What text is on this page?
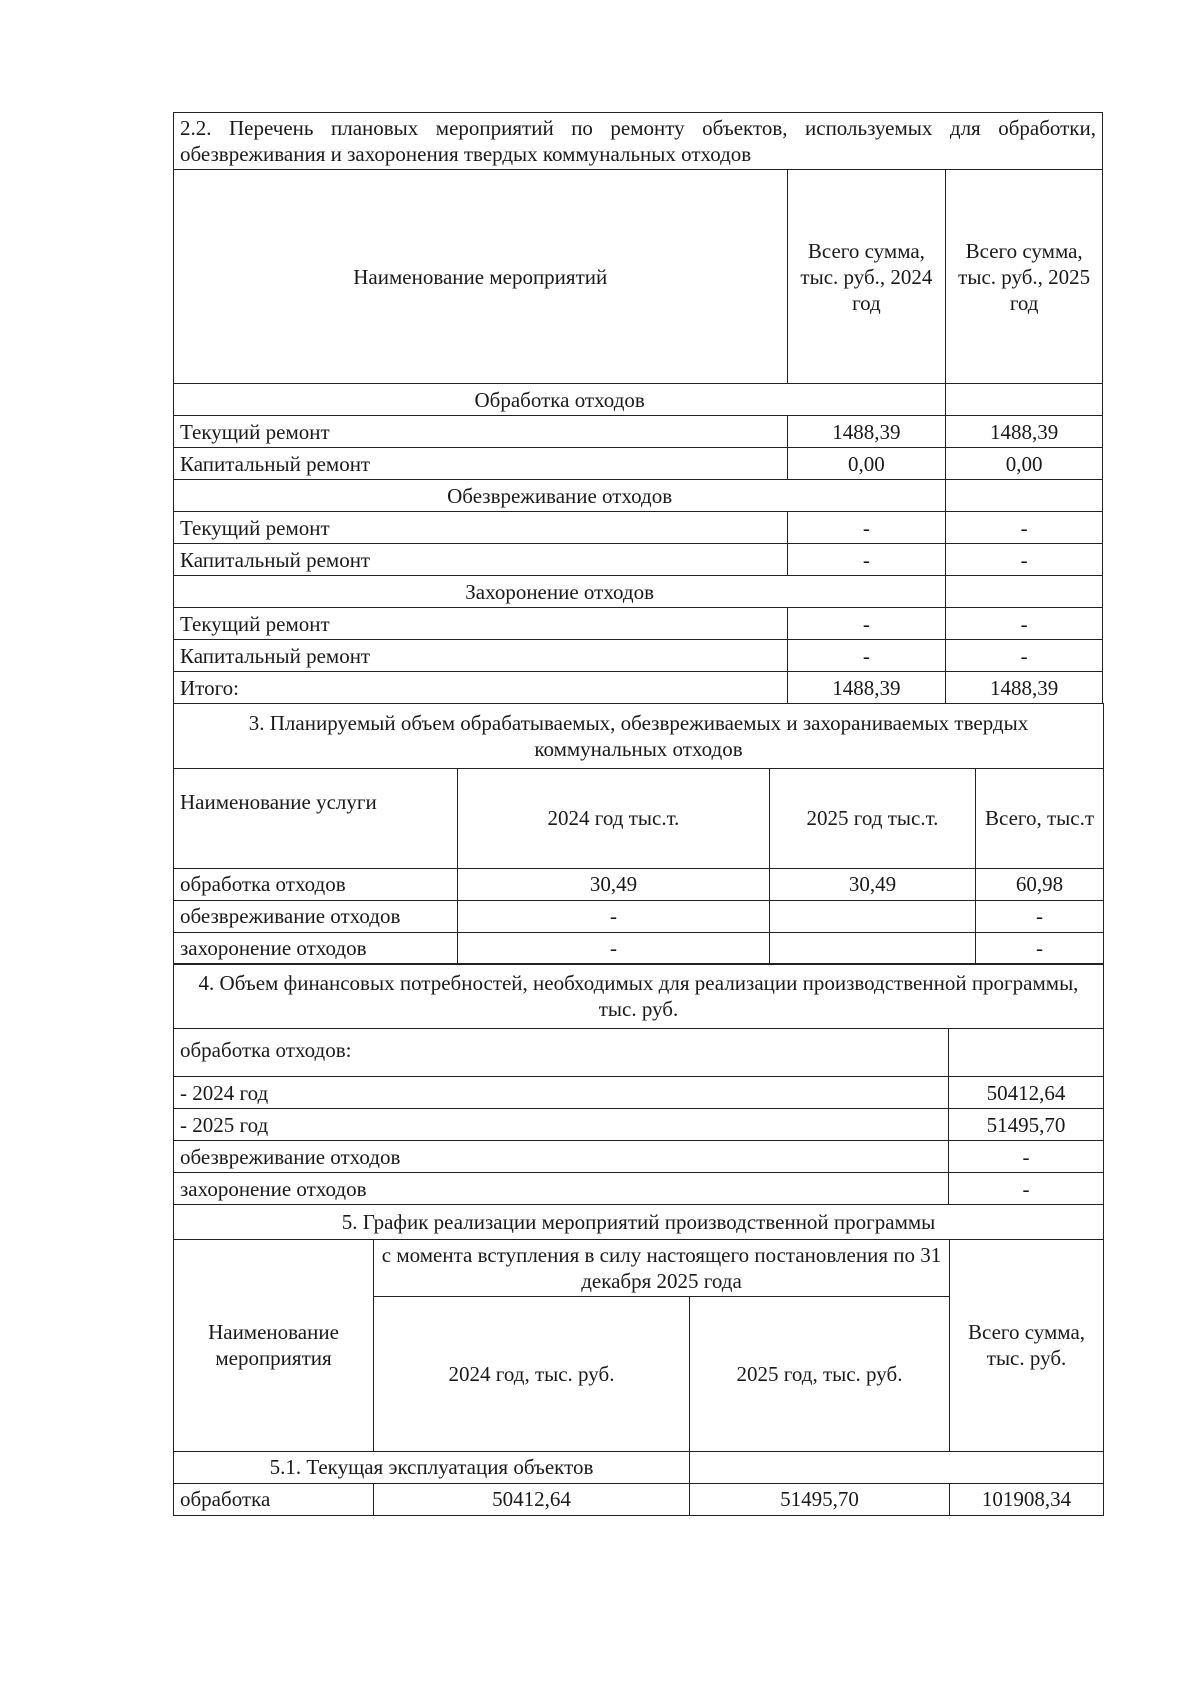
2.2. Перечень плановых мероприятий по ремонту объектов, используемых для обработки, обезвреживания и захоронения твердых коммунальных отходов		
Наименование мероприятий	Всего сумма, тыс. руб., 2024 год	Всего сумма, тыс. руб., 2025 год
Обработка отходов		
Текущий ремонт	1488,39	1488,39
Капитальный ремонт	0,00	0,00
Обезвреживание отходов		
Текущий ремонт	-	-
Капитальный ремонт	-	-
Захоронение отходов		
Текущий ремонт	-	-
Капитальный ремонт	-	-
Итого:	1488,39	1488,39
3. Планируемый объем обрабатываемых, обезвреживаемых и захораниваемых твердых коммунальных отходов			
Наименование услуги	2024 год тыс.т.	2025 год тыс.т.	Всего, тыс.т
обработка отходов	30,49	30,49	60,98
обезвреживание отходов	-		-
захоронение отходов	-		-
4. Объем финансовых потребностей, необходимых для реализации производственной программы, тыс. руб.	
обработка отходов:	
- 2024 год	50412,64
- 2025 год	51495,70
обезвреживание отходов	-
захоронение отходов	-
5. График реализации мероприятий производственной программы			
Наименование мероприятия	с момента вступления в силу настоящего постановления по 31 декабря 2025 года		Всего сумма, тыс. руб.
	2024 год, тыс. руб.	2025 год, тыс. руб.	
5.1. Текущая эксплуатация объектов			
обработка	50412,64	51495,70	101908,34
